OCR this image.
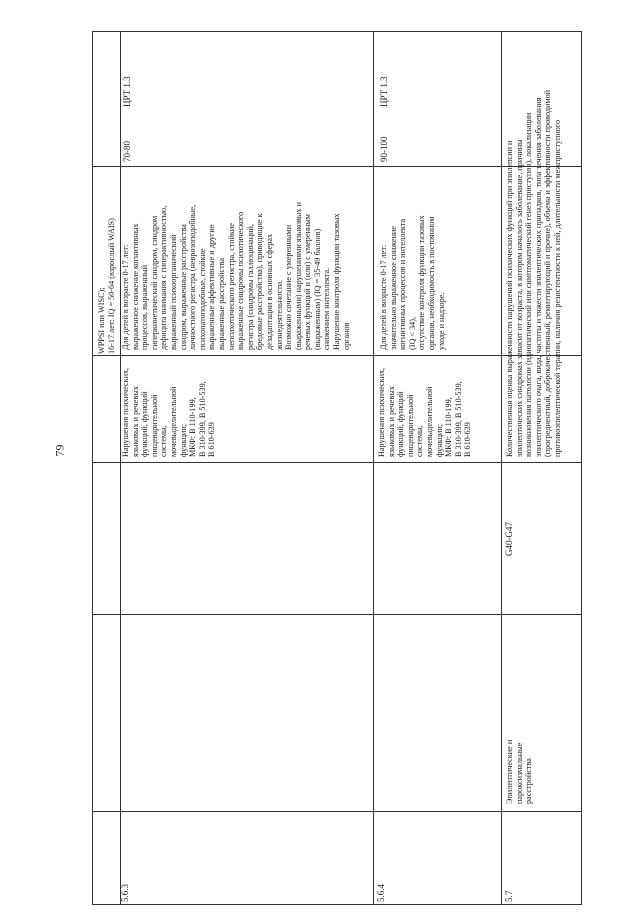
79
WPPSI или WISC); 16-17 лет: IQ = 50-64 (взрослый WAIS)
5.6.3
Нарушения психических, языковых и речевых функций, функций пищеварительной системы, мочевыделительной функции; МКФ: B 110-199, B 310-399, B 510-539, B 610-639
Для детей в возрасте 0-17 лет: выраженное снижение когнитивных процессов, выраженный гиперкинетический синдром, синдром дефицита внимания с гиперактивностью, выраженный психоорганический синдром, выраженные расстройства личностного регистра (неврозоподобные, психопатоподобные, стойкие выраженные аффективные и другие выраженные расстройства непсихотического регистра, стойкие выраженные синдромы психотического регистра (синдромы галлюцинаций, бредовые расстройства), приводящие к дезадаптации в основных сферах жизнедеятельности. Возможно сочетание с умеренными (выраженными) нарушениями языковых и речевых функций и (или) с умеренным (выраженным) (IQ = 35-49 баллов) снижением интеллекта. Нарушение контроля функции тазовых органов
70-80
ЦРТ 1.3
5.6.4
Нарушения психических, языковых и речевых функций, функций пищеварительной системы, мочевыделительной функции; МКФ: B 110-199, B 310-399, B 510-539, B 610-639
Для детей в возрасте 0-17 лет: значительно выраженное снижение когнитивных процессов и интеллекта (IQ < 34), отсутствие контроля функции тазовых органов, необходимость в постоянном уходе и надзоре.
90-100
ЦРТ 1.3
5.7
Эпилептические и пароксизмальные расстройства
G40-G47
Количественная оценка выраженности нарушений психических функций при эпилепсии и эпилептических синдромах зависит от возраста, в котором началось заболевание, причины возникновения патологии (идиопатический или симптоматический генез приступов), локализации эпилептического очага, вида, частоты и тяжести эпилептических припадков, типа течения заболевания (прогредиентный, доброкачественный, ремиттирующий и прочие), объема и эффективности проводимой противоэпилептической терапии, наличия резистентности к ней, длительности межприступного
